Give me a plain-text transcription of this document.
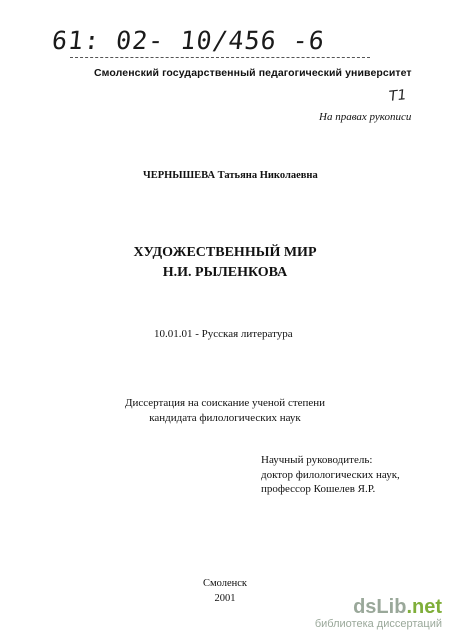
61: 02- 10/456 -6
Смоленский государственный педагогический университет
Т1
На правах рукописи
ЧЕРНЫШЕВА Татьяна Николаевна
ХУДОЖЕСТВЕННЫЙ МИР
Н.И. РЫЛЕНКОВА
10.01.01 - Русская литература
Диссертация на соискание ученой степени
кандидата филологических наук
Научный руководитель:
доктор филологических наук,
профессор Кошелев Я.Р.
Смоленск
2001	dsLib.net
библиотека диссертаций
